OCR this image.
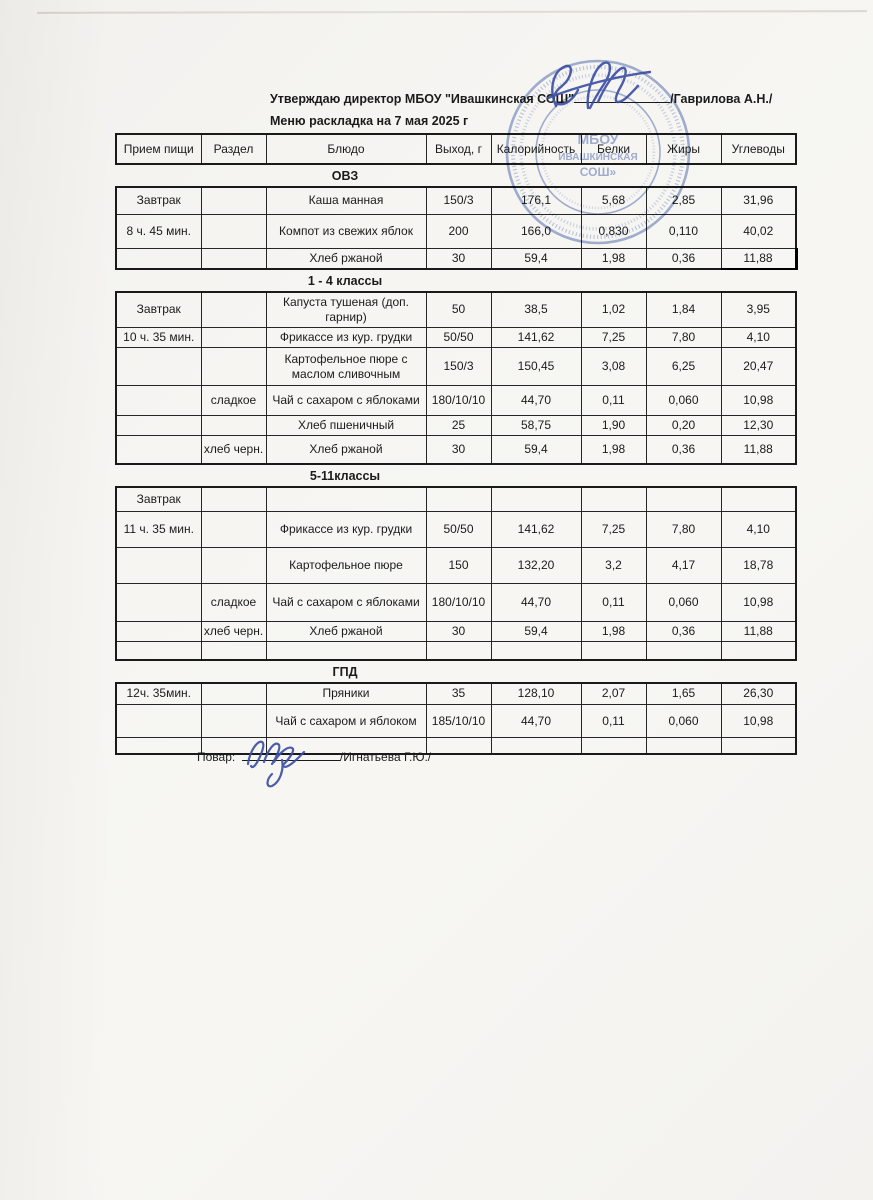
Утверждаю директор МБОУ "Ивашкинская СОШ"	/Гаврилова А.Н./
Меню раскладка на 7 мая 2025 г
Прием пищи	Раздел	Блюдо	Выход, г	Калорийность	Белки	Жиры	Углеводы
ОВЗ
Завтрак		Каша манная	150/3	176,1	5,68	2,85	31,96
8 ч. 45 мин.		Компот из свежих яблок	200	166,0	0,830	0,110	40,02
		Хлеб ржаной	30	59,4	1,98	0,36	11,88
1 - 4 классы
Завтрак		Капуста тушеная (доп. гарнир)	50	38,5	1,02	1,84	3,95
10 ч. 35 мин.		Фрикассе из кур. грудки	50/50	141,62	7,25	7,80	4,10
		Картофельное пюре с маслом сливочным	150/3	150,45	3,08	6,25	20,47
	сладкое	Чай с сахаром с яблоками	180/10/10	44,70	0,11	0,060	10,98
		Хлеб пшеничный	25	58,75	1,90	0,20	12,30
	хлеб черн.	Хлеб ржаной	30	59,4	1,98	0,36	11,88
5-11классы
Завтрак							
11 ч. 35 мин.		Фрикассе из кур. грудки	50/50	141,62	7,25	7,80	4,10
		Картофельное пюре	150	132,20	3,2	4,17	18,78
	сладкое	Чай с сахаром с яблоками	180/10/10	44,70	0,11	0,060	10,98
	хлеб черн.	Хлеб ржаной	30	59,4	1,98	0,36	11,88

ГПД
12ч. 35мин.		Пряники	35	128,10	2,07	1,65	26,30
		Чай с сахаром и яблоком	185/10/10	44,70	0,11	0,060	10,98

Повар:	/Игнатьева Г.Ю./
МБОУ
ИВАШКИНСКАЯ
СОШ»
